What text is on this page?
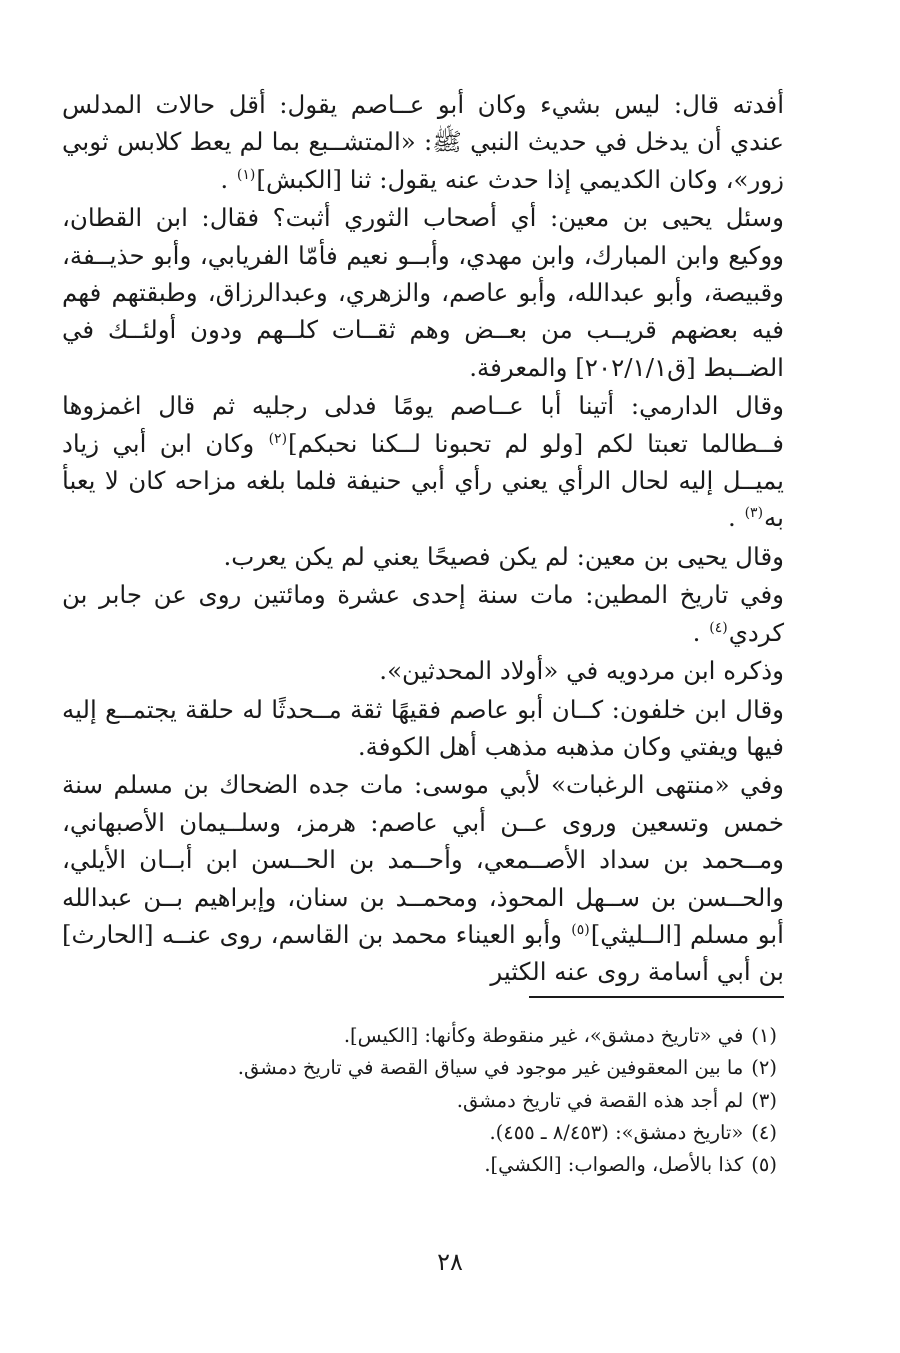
أفدته قال: ليس بشيء وكان أبو عــاصم يقول: أقل حالات المدلس عندي أن يدخل في حديث النبي ﷺ: «المتشــبع بما لم يعط كلابس ثوبي زور»، وكان الكديمي إذا حدث عنه يقول: ثنا [الكبش]$^{(١)}$ .

وسئل يحيى بن معين: أي أصحاب الثوري أثبت؟ فقال: ابن القطان، ووكيع وابن المبارك، وابن مهدي، وأبــو نعيم فأمّا الفريابي، وأبو حذيــفة، وقبيصة، وأبو عبدالله، وأبو عاصم، والزهري، وعبدالرزاق، وطبقتهم فهم فيه بعضهم قريــب من بعــض وهم ثقــات كلــهم ودون أولئــك في الضــبط [ق٢٠٢/١/١] والمعرفة.

وقال الدارمي: أتينا أبا عــاصم يومًا فدلى رجليه ثم قال اغمزوها فــطالما تعبتا لكم [ولو لم تحبونا لــكنا نحبكم]$^{(٢)}$ وكان ابن أبي زياد يميــل إليه لحال الرأي يعني رأي أبي حنيفة فلما بلغه مزاحه كان لا يعبأ به$^{(٣)}$ .

وقال يحيى بن معين: لم يكن فصيحًا يعني لم يكن يعرب.

وفي تاريخ المطين: مات سنة إحدى عشرة ومائتين روى عن جابر بن كردي$^{(٤)}$ .

وذكره ابن مردويه في «أولاد المحدثين».

وقال ابن خلفون: كــان أبو عاصم فقيهًا ثقة مــحدثًا له حلقة يجتمــع إليه فيها ويفتي وكان مذهبه مذهب أهل الكوفة.

وفي «منتهى الرغبات» لأبي موسى: مات جده الضحاك بن مسلم سنة خمس وتسعين وروى عــن أبي عاصم: هرمز، وسلــيمان الأصبهاني، ومــحمد بن سداد الأصــمعي، وأحــمد بن الحــسن ابن أبــان الأيلي، والحــسن بن ســهل المحوذ، ومحمــد بن سنان، وإبراهيم بــن عبدالله أبو مسلم [الــليثي]$^{(٥)}$ وأبو العيناء محمد بن القاسم، روى عنــه [الحارث] بن أبي أسامة روى عنه الكثير

(١)في «تاريخ دمشق»، غير منقوطة وكأنها: [الكيس].

(٢)ما بين المعقوفين غير موجود في سياق القصة في تاريخ دمشق.

(٣)لم أجد هذه القصة في تاريخ دمشق.

(٤)«تاريخ دمشق»: (٨/٤٥٣ ـ ٤٥٥).

(٥)كذا بالأصل، والصواب: [الكشي].

٢٨
